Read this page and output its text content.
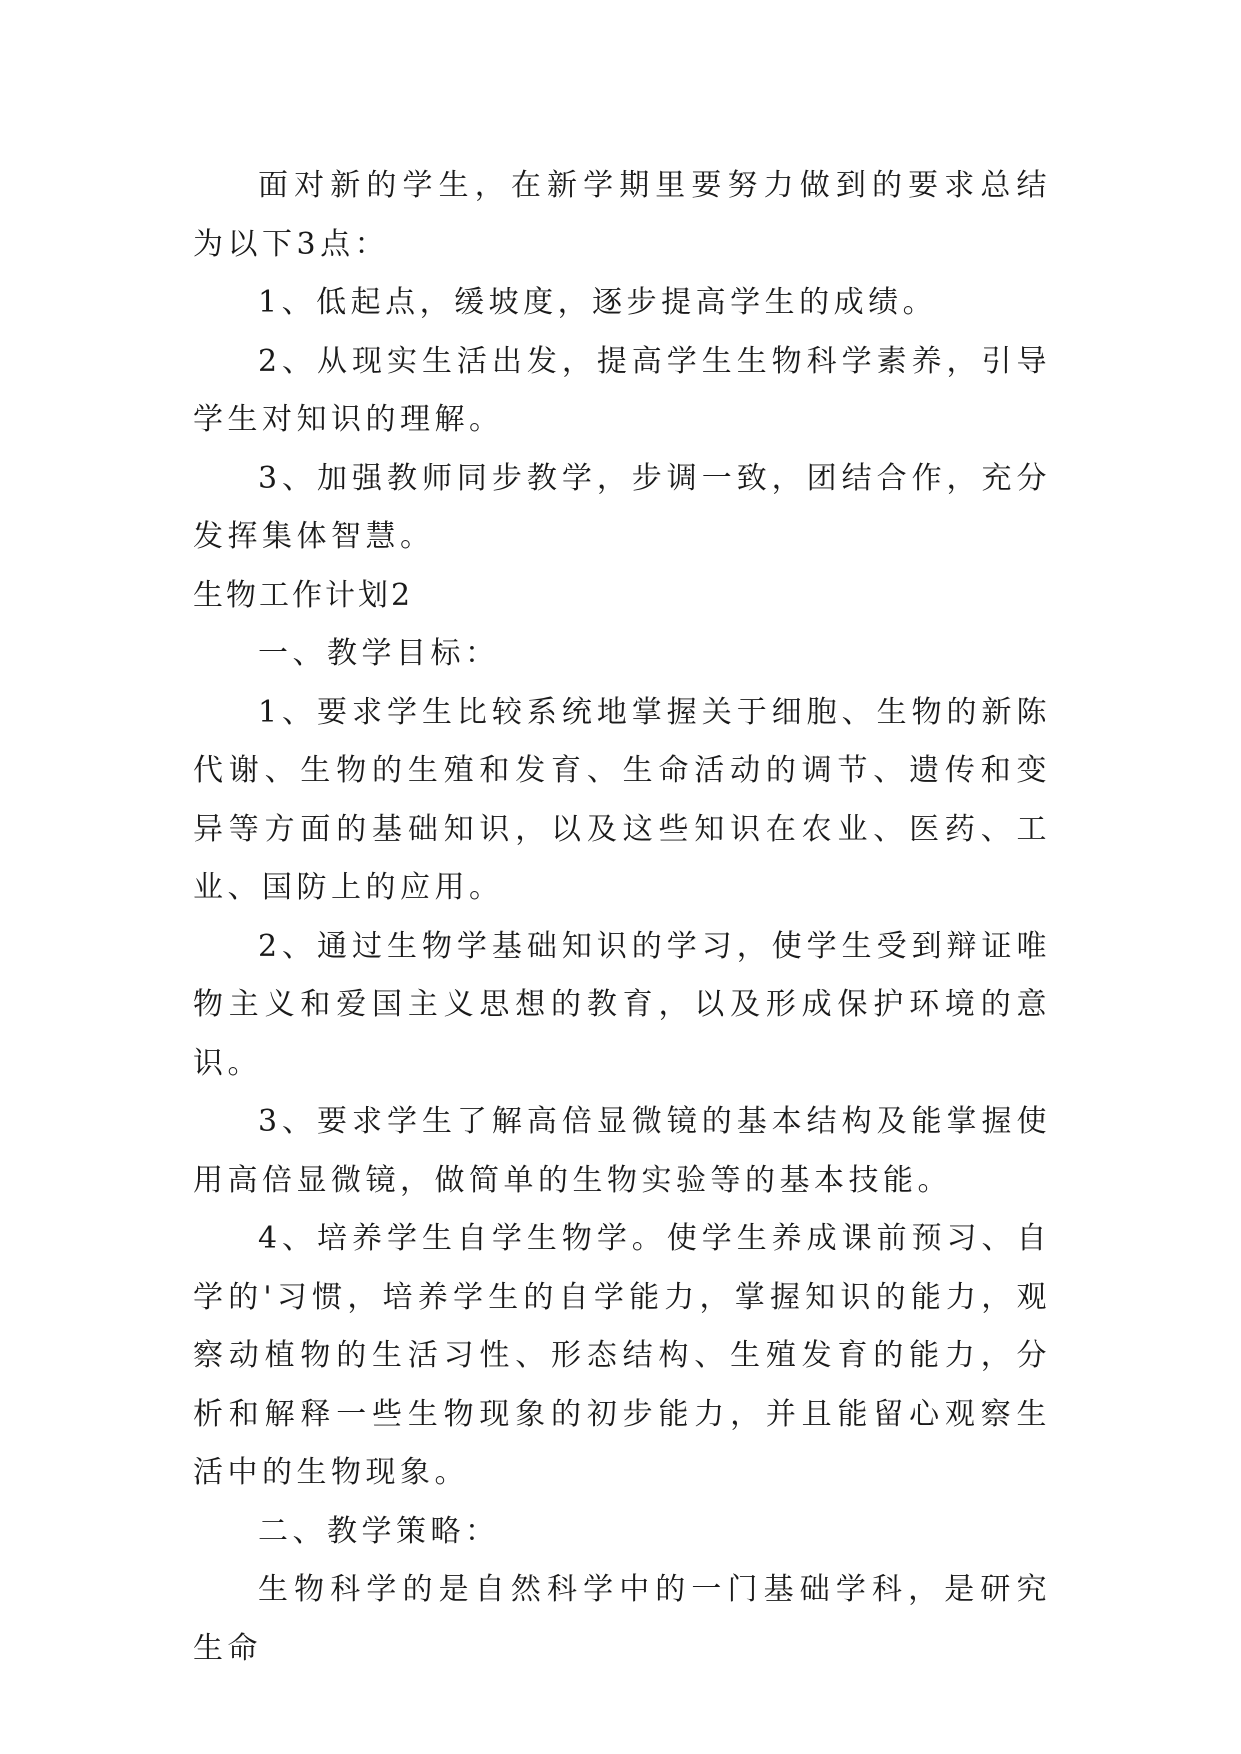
面对新的学生，在新学期里要努力做到的要求总结为以下3点：

1、低起点，缓坡度，逐步提高学生的成绩。

2、从现实生活出发，提高学生生物科学素养，引导学生对知识的理解。

3、加强教师同步教学，步调一致，团结合作，充分发挥集体智慧。

生物工作计划2

一、教学目标：

1、要求学生比较系统地掌握关于细胞、生物的新陈代谢、生物的生殖和发育、生命活动的调节、遗传和变异等方面的基础知识，以及这些知识在农业、医药、工业、国防上的应用。

2、通过生物学基础知识的学习，使学生受到辩证唯物主义和爱国主义思想的教育，以及形成保护环境的意识。

3、要求学生了解高倍显微镜的基本结构及能掌握使用高倍显微镜，做简单的生物实验等的基本技能。

4、培养学生自学生物学。使学生养成课前预习、自学的'习惯，培养学生的自学能力，掌握知识的能力，观察动植物的生活习性、形态结构、生殖发育的能力，分析和解释一些生物现象的初步能力，并且能留心观察生活中的生物现象。

二、教学策略：

生物科学的是自然科学中的一门基础学科，是研究生命
